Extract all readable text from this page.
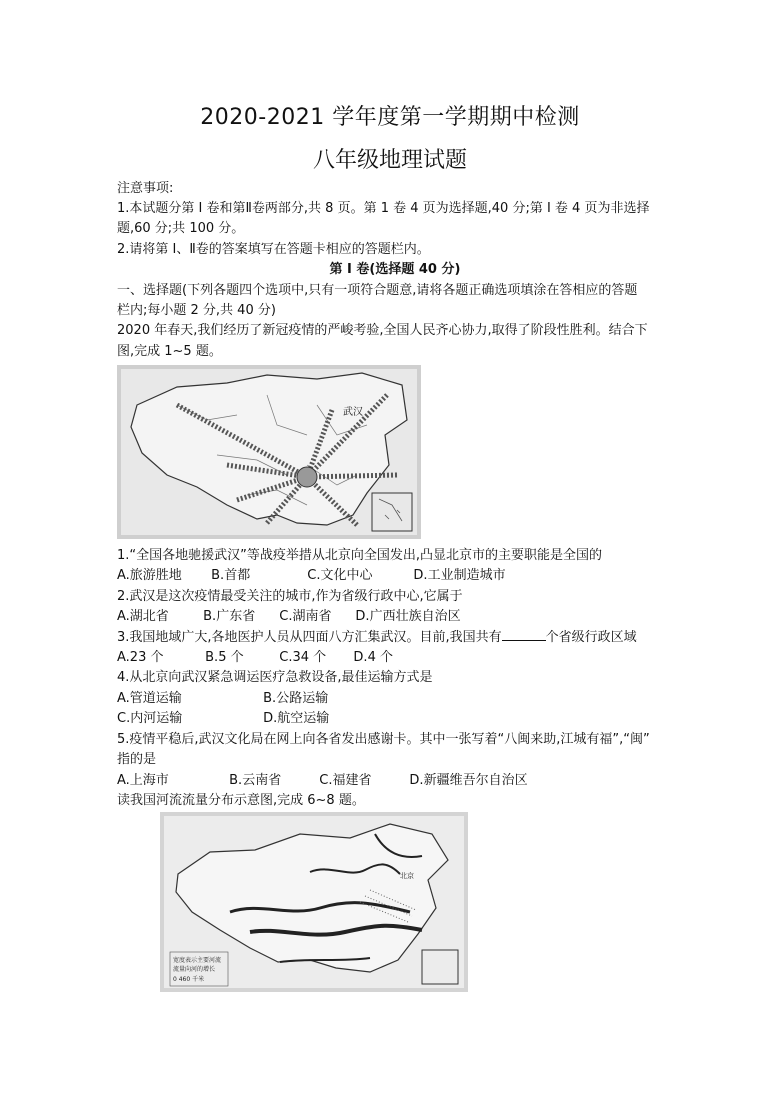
2020-2021 学年度第一学期期中检测
八年级地理试题
注意事项:
1.本试题分第 I 卷和第Ⅱ卷两部分,共 8 页。第 1 卷 4 页为选择题,40 分;第 I 卷 4 页为非选择
题,60 分;共 100 分。
2.请将第 I、Ⅱ卷的答案填写在答题卡相应的答题栏内。
第 I 卷(选择题 40 分)
一、选择题(下列各题四个选项中,只有一项符合题意,请将各题正确选项填涂在答相应的答题
栏内;每小题 2 分,共 40 分)
2020 年春天,我们经历了新冠疫情的严峻考验,全国人民齐心协力,取得了阶段性胜利。结合下
图,完成 1~5 题。
武汉
1.“全国各地驰援武汉”等战疫举措从北京向全国发出,凸显北京市的主要职能是全国的
A.旅游胜地 B.首都	C.文化中心	D.工业制造城市
2.武汉是这次疫情最受关注的城市,作为省级行政中心,它属于
A.湖北省	B.广东省 C.湖南省 D.广西壮族自治区
3.我国地域广大,各地医护人员从四面八方汇集武汉。目前,我国共有	个省级行政区域
A.23 个	B.5 个	C.34 个 D.4 个
4.从北京向武汉紧急调运医疗急救设备,最佳运输方式是
A.管道运输	B.公路运输
C.内河运输	D.航空运输
5.疫情平稳后,武汉文化局在网上向各省发出感谢卡。其中一张写着“八闽来助,江城有福”,“闽”
指的是
A.上海市	B.云南省	C.福建省	D.新疆维吾尔自治区
读我国河流流量分布示意图,完成 6~8 题。
北京
宽度表示主要河流
流量向河的增长
0 460 千米
